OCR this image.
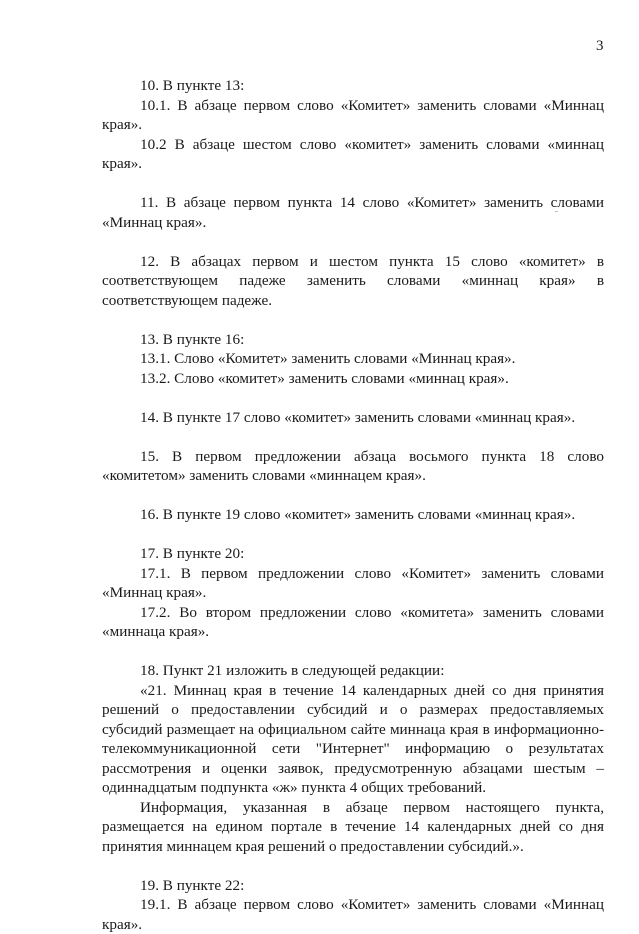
3

10. В пункте 13:

10.1. В абзаце первом слово «Комитет» заменить словами «Миннац края».

10.2 В абзаце шестом слово «комитет» заменить словами «миннац края».

11. В абзаце первом пункта 14 слово «Комитет» заменить словами «Миннац края».

12. В абзацах первом и шестом пункта 15 слово «комитет» в соответствующем падеже заменить словами «миннац края» в соответствующем падеже.

13. В пункте 16:

13.1. Слово «Комитет» заменить словами «Миннац края».

13.2. Слово «комитет» заменить словами «миннац края».

14. В пункте 17 слово «комитет» заменить словами «миннац края».

15. В первом предложении абзаца восьмого пункта 18 слово «комитетом» заменить словами «миннацем края».

16. В пункте 19 слово «комитет» заменить словами «миннац края».

17. В пункте 20:

17.1. В первом предложении слово «Комитет» заменить словами «Миннац края».

17.2. Во втором предложении слово «комитета» заменить словами «миннаца края».

18. Пункт 21 изложить в следующей редакции:

«21. Миннац края в течение 14 календарных дней со дня принятия решений о предоставлении субсидий и о размерах предоставляемых субсидий размещает на официальном сайте миннаца края в информационно-телекоммуникационной сети "Интернет" информацию о результатах рассмотрения и оценки заявок, предусмотренную абзацами шестым – одиннадцатым подпункта «ж» пункта 4 общих требований.

Информация, указанная в абзаце первом настоящего пункта, размещается на едином портале в течение 14 календарных дней со дня принятия миннацем края решений о предоставлении субсидий.».

19. В пункте 22:

19.1. В абзаце первом слово «Комитет» заменить словами «Миннац края».
